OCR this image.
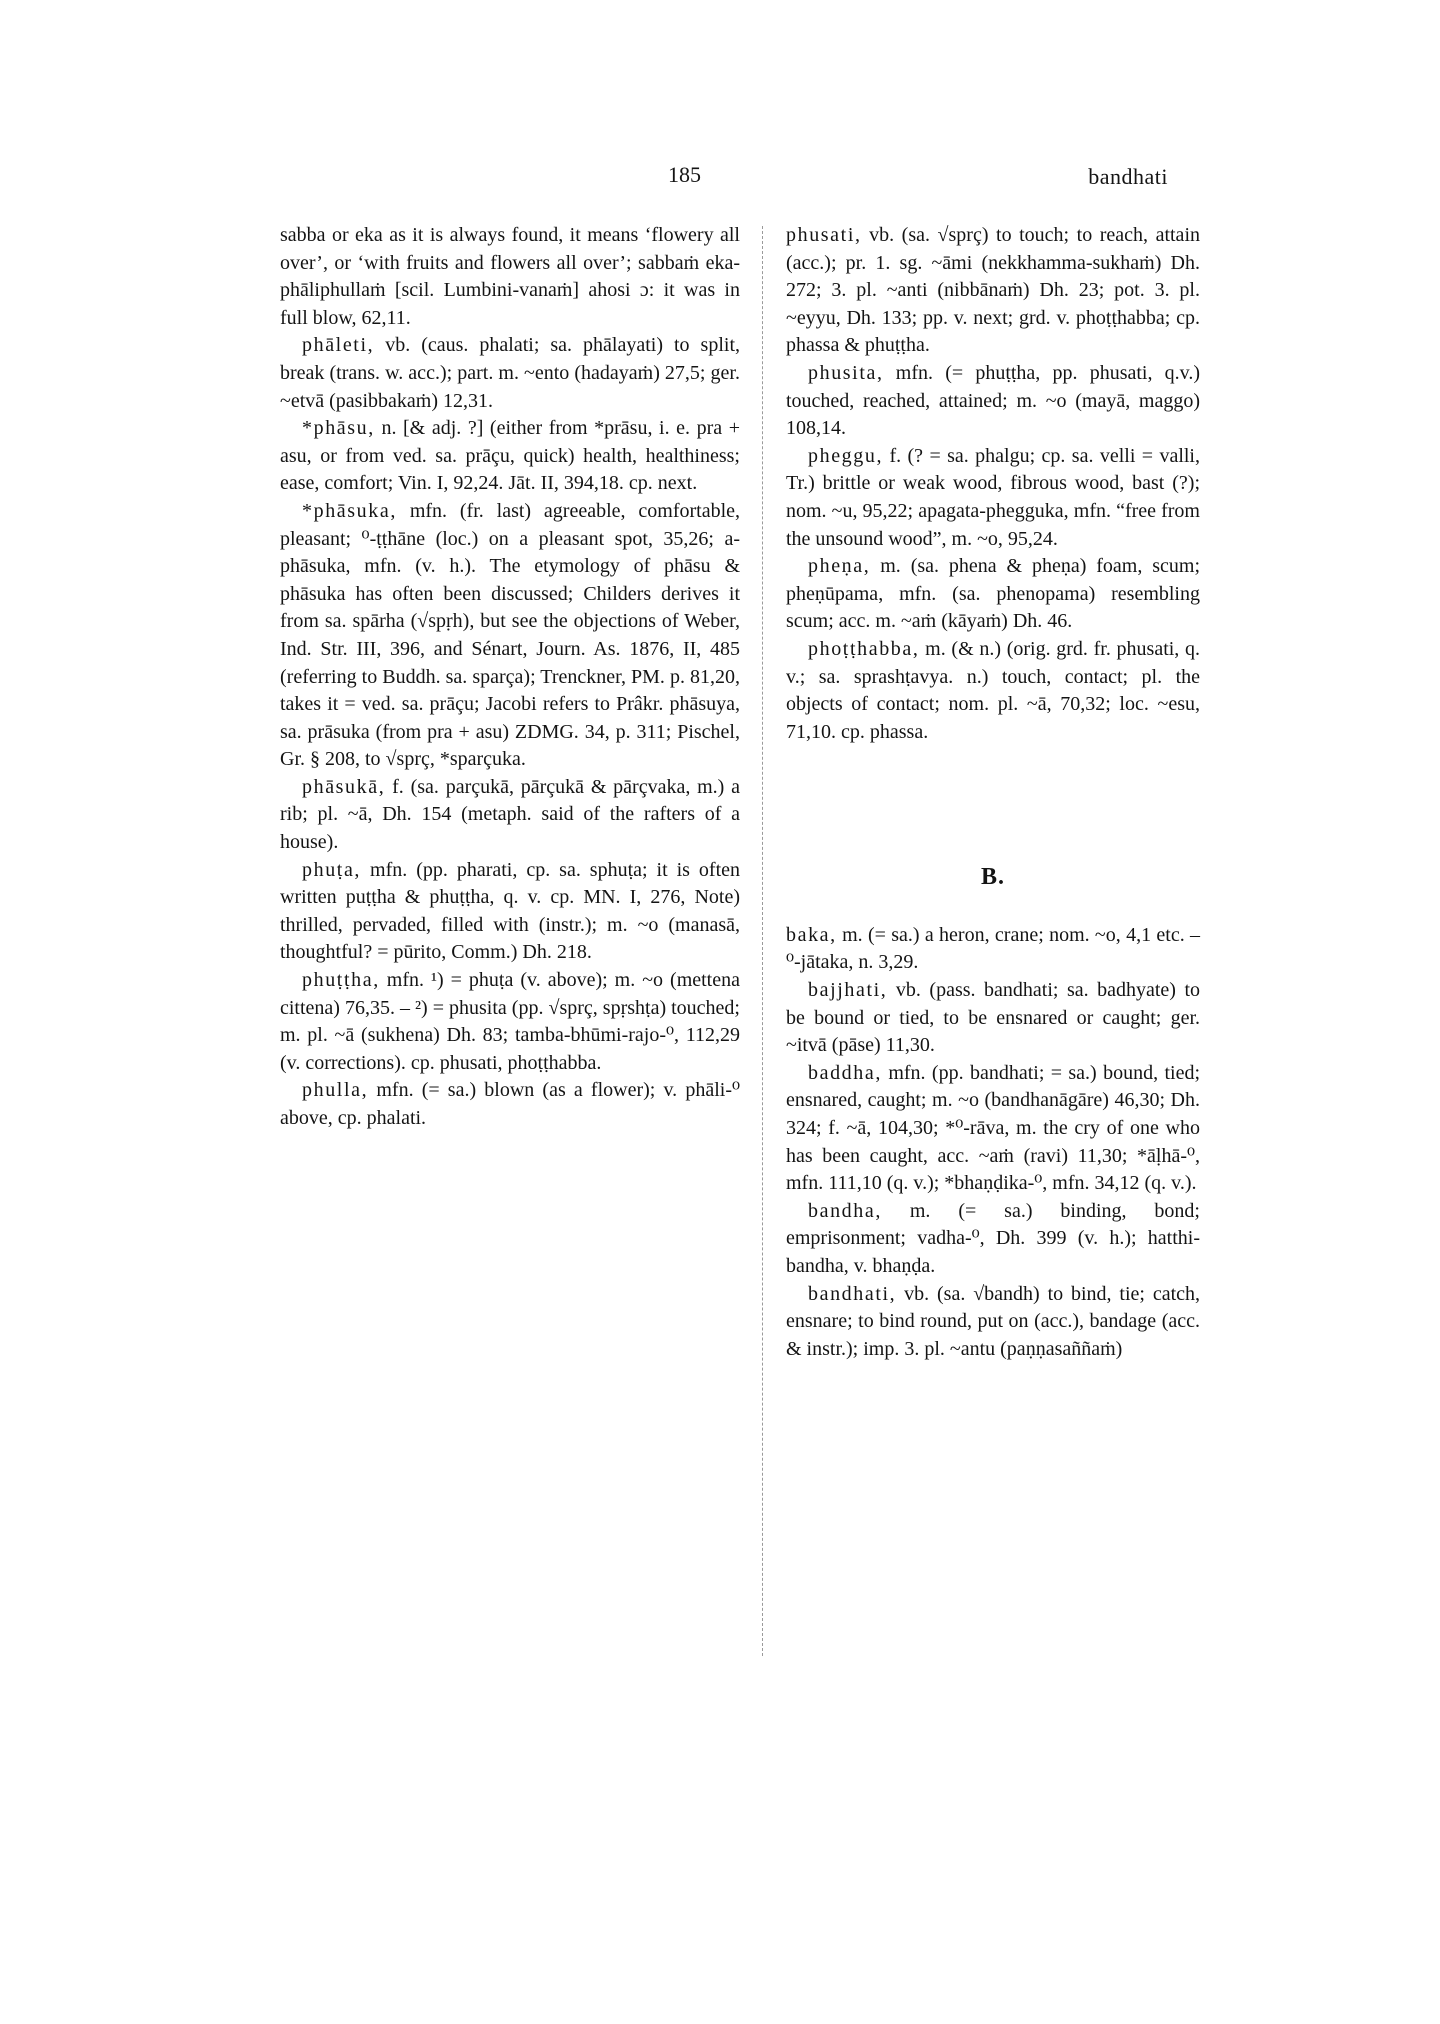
185	bandhati

sabba or eka as it is always found, it means ‘flowery all over’, or ‘with fruits and flowers all over’; sabbaṁ eka-phāliphullaṁ [scil. Lumbini-vanaṁ] ahosi ɔ: it was in full blow, 62,11.

phāleti, vb. (caus. phalati; sa. phālayati) to split, break (trans. w. acc.); part. m. ~ento (hadayaṁ) 27,5; ger. ~etvā (pasibbakaṁ) 12,31.

*phāsu, n. [& adj. ?] (either from *prāsu, i. e. pra + asu, or from ved. sa. prāçu, quick) health, healthiness; ease, comfort; Vin. I, 92,24. Jāt. II, 394,18. cp. next.

*phāsuka, mfn. (fr. last) agreeable, comfortable, pleasant; ⁰-ṭṭhāne (loc.) on a pleasant spot, 35,26; a-phāsuka, mfn. (v. h.). The etymology of phāsu & phāsuka has often been discussed; Childers derives it from sa. spārha (√spṛh), but see the objections of Weber, Ind. Str. III, 396, and Sénart, Journ. As. 1876, II, 485 (referring to Buddh. sa. sparça); Trenckner, PM. p. 81,20, takes it = ved. sa. prāçu; Jacobi refers to Prâkr. phāsuya, sa. prāsuka (from pra + asu) ZDMG. 34, p. 311; Pischel, Gr. § 208, to √sprç, *sparçuka.

phāsukā, f. (sa. parçukā, pārçukā & pārçvaka, m.) a rib; pl. ~ā, Dh. 154 (metaph. said of the rafters of a house).

phuṭa, mfn. (pp. pharati, cp. sa. sphuṭa; it is often written puṭṭha & phuṭṭha, q. v. cp. MN. I, 276, Note) thrilled, pervaded, filled with (instr.); m. ~o (manasā, thoughtful? = pūrito, Comm.) Dh. 218.

phuṭṭha, mfn. ¹) = phuṭa (v. above); m. ~o (mettena cittena) 76,35. – ²) = phusita (pp. √sprç, spṛshṭa) touched; m. pl. ~ā (sukhena) Dh. 83; tamba-bhūmi-rajo-⁰, 112,29 (v. corrections). cp. phusati, phoṭṭhabba.

phulla, mfn. (= sa.) blown (as a flower); v. phāli-⁰ above, cp. phalati.

phusati, vb. (sa. √sprç) to touch; to reach, attain (acc.); pr. 1. sg. ~āmi (nekkhamma-sukhaṁ) Dh. 272; 3. pl. ~anti (nibbānaṁ) Dh. 23; pot. 3. pl. ~eyyu, Dh. 133; pp. v. next; grd. v. phoṭṭhabba; cp. phassa & phuṭṭha.

phusita, mfn. (= phuṭṭha, pp. phusati, q.v.) touched, reached, attained; m. ~o (mayā, maggo) 108,14.

pheggu, f. (? = sa. phalgu; cp. sa. velli = valli, Tr.) brittle or weak wood, fibrous wood, bast (?); nom. ~u, 95,22; apagata-phegguka, mfn. “free from the unsound wood”, m. ~o, 95,24.

pheṇa, m. (sa. phena & pheṇa) foam, scum; pheṇūpama, mfn. (sa. phenopama) resembling scum; acc. m. ~aṁ (kāyaṁ) Dh. 46.

phoṭṭhabba, m. (& n.) (orig. grd. fr. phusati, q. v.; sa. sprashṭavya. n.) touch, contact; pl. the objects of contact; nom. pl. ~ā, 70,32; loc. ~esu, 71,10. cp. phassa.

B.

baka, m. (= sa.) a heron, crane; nom. ~o, 4,1 etc. – ⁰-jātaka, n. 3,29.

bajjhati, vb. (pass. bandhati; sa. badhyate) to be bound or tied, to be ensnared or caught; ger. ~itvā (pāse) 11,30.

baddha, mfn. (pp. bandhati; = sa.) bound, tied; ensnared, caught; m. ~o (bandhanāgāre) 46,30; Dh. 324; f. ~ā, 104,30; *⁰-rāva, m. the cry of one who has been caught, acc. ~aṁ (ravi) 11,30; *āḷhā-⁰, mfn. 111,10 (q. v.); *bhaṇḍika-⁰, mfn. 34,12 (q. v.).

bandha, m. (= sa.) binding, bond; emprisonment; vadha-⁰, Dh. 399 (v. h.); hatthi-bandha, v. bhaṇḍa.

bandhati, vb. (sa. √bandh) to bind, tie; catch, ensnare; to bind round, put on (acc.), bandage (acc. & instr.); imp. 3. pl. ~antu (paṇṇasaññaṁ)
